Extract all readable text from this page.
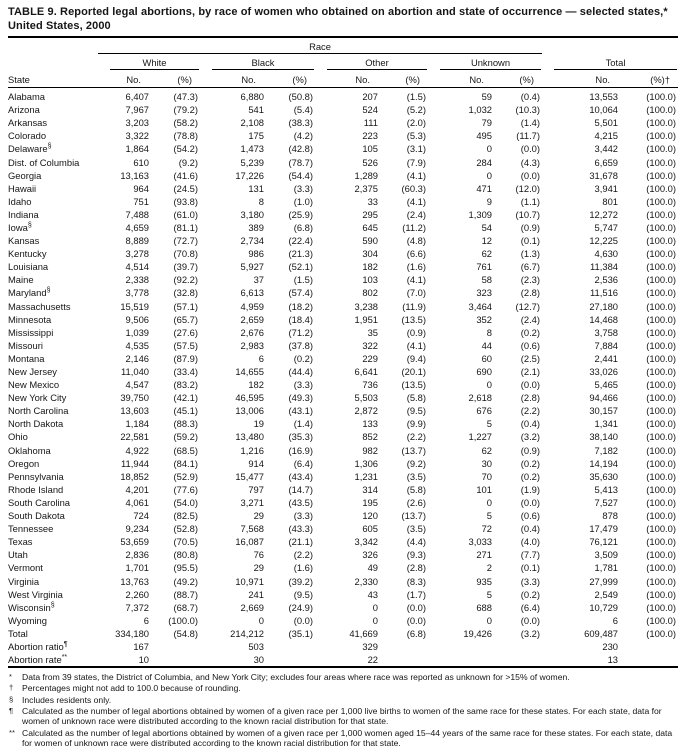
TABLE 9. Reported legal abortions, by race of women who obtained on abortion and state of occurrence — selected states,* United States, 2000
	Race									

	White		Black		Other		Unknown		Total	

State	No.	(%)	No.	(%)	No.	(%)	No.	(%)	No.	(%)†
Alabama	6,407	(47.3)	6,880	(50.8)	207	(1.5)	59	(0.4)	13,553	(100.0)
Arizona	7,967	(79.2)	541	(5.4)	524	(5.2)	1,032	(10.3)	10,064	(100.0)
Arkansas	3,203	(58.2)	2,108	(38.3)	111	(2.0)	79	(1.4)	5,501	(100.0)
Colorado	3,322	(78.8)	175	(4.2)	223	(5.3)	495	(11.7)	4,215	(100.0)
Delaware§	1,864	(54.2)	1,473	(42.8)	105	(3.1)	0	(0.0)	3,442	(100.0)
Dist. of Columbia	610	(9.2)	5,239	(78.7)	526	(7.9)	284	(4.3)	6,659	(100.0)
Georgia	13,163	(41.6)	17,226	(54.4)	1,289	(4.1)	0	(0.0)	31,678	(100.0)
Hawaii	964	(24.5)	131	(3.3)	2,375	(60.3)	471	(12.0)	3,941	(100.0)
Idaho	751	(93.8)	8	(1.0)	33	(4.1)	9	(1.1)	801	(100.0)
Indiana	7,488	(61.0)	3,180	(25.9)	295	(2.4)	1,309	(10.7)	12,272	(100.0)
Iowa§	4,659	(81.1)	389	(6.8)	645	(11.2)	54	(0.9)	5,747	(100.0)
Kansas	8,889	(72.7)	2,734	(22.4)	590	(4.8)	12	(0.1)	12,225	(100.0)
Kentucky	3,278	(70.8)	986	(21.3)	304	(6.6)	62	(1.3)	4,630	(100.0)
Louisiana	4,514	(39.7)	5,927	(52.1)	182	(1.6)	761	(6.7)	11,384	(100.0)
Maine	2,338	(92.2)	37	(1.5)	103	(4.1)	58	(2.3)	2,536	(100.0)
Maryland§	3,778	(32.8)	6,613	(57.4)	802	(7.0)	323	(2.8)	11,516	(100.0)
Massachusetts	15,519	(57.1)	4,959	(18.2)	3,238	(11.9)	3,464	(12.7)	27,180	(100.0)
Minnesota	9,506	(65.7)	2,659	(18.4)	1,951	(13.5)	352	(2.4)	14,468	(100.0)
Mississippi	1,039	(27.6)	2,676	(71.2)	35	(0.9)	8	(0.2)	3,758	(100.0)
Missouri	4,535	(57.5)	2,983	(37.8)	322	(4.1)	44	(0.6)	7,884	(100.0)
Montana	2,146	(87.9)	6	(0.2)	229	(9.4)	60	(2.5)	2,441	(100.0)
New Jersey	11,040	(33.4)	14,655	(44.4)	6,641	(20.1)	690	(2.1)	33,026	(100.0)
New Mexico	4,547	(83.2)	182	(3.3)	736	(13.5)	0	(0.0)	5,465	(100.0)
New York City	39,750	(42.1)	46,595	(49.3)	5,503	(5.8)	2,618	(2.8)	94,466	(100.0)
North Carolina	13,603	(45.1)	13,006	(43.1)	2,872	(9.5)	676	(2.2)	30,157	(100.0)
North Dakota	1,184	(88.3)	19	(1.4)	133	(9.9)	5	(0.4)	1,341	(100.0)
Ohio	22,581	(59.2)	13,480	(35.3)	852	(2.2)	1,227	(3.2)	38,140	(100.0)
Oklahoma	4,922	(68.5)	1,216	(16.9)	982	(13.7)	62	(0.9)	7,182	(100.0)
Oregon	11,944	(84.1)	914	(6.4)	1,306	(9.2)	30	(0.2)	14,194	(100.0)
Pennsylvania	18,852	(52.9)	15,477	(43.4)	1,231	(3.5)	70	(0.2)	35,630	(100.0)
Rhode Island	4,201	(77.6)	797	(14.7)	314	(5.8)	101	(1.9)	5,413	(100.0)
South Carolina	4,061	(54.0)	3,271	(43.5)	195	(2.6)	0	(0.0)	7,527	(100.0)
South Dakota	724	(82.5)	29	(3.3)	120	(13.7)	5	(0.6)	878	(100.0)
Tennessee	9,234	(52.8)	7,568	(43.3)	605	(3.5)	72	(0.4)	17,479	(100.0)
Texas	53,659	(70.5)	16,087	(21.1)	3,342	(4.4)	3,033	(4.0)	76,121	(100.0)
Utah	2,836	(80.8)	76	(2.2)	326	(9.3)	271	(7.7)	3,509	(100.0)
Vermont	1,701	(95.5)	29	(1.6)	49	(2.8)	2	(0.1)	1,781	(100.0)
Virginia	13,763	(49.2)	10,971	(39.2)	2,330	(8.3)	935	(3.3)	27,999	(100.0)
West Virginia	2,260	(88.7)	241	(9.5)	43	(1.7)	5	(0.2)	2,549	(100.0)
Wisconsin§	7,372	(68.7)	2,669	(24.9)	0	(0.0)	688	(6.4)	10,729	(100.0)
Wyoming	6	(100.0)	0	(0.0)	0	(0.0)	0	(0.0)	6	(100.0)
Total	334,180	(54.8)	214,212	(35.1)	41,669	(6.8)	19,426	(3.2)	609,487	(100.0)
Abortion ratio¶	167		503		329				230	
Abortion rate**	10		30		22				13	
*	Data from 39 states, the District of Columbia, and New York City; excludes four areas where race was reported as unknown for >15% of women.
†	Percentages might not add to 100.0 because of rounding.
§	Includes residents only.
¶	Calculated as the number of legal abortions obtained by women of a given race per 1,000 live births to women of the same race for these states. For each state, data for women of unknown race were distributed according to the known racial distribution for that state.
** Calculated as the number of legal abortions obtained by women of a given race per 1,000 women aged 15–44 years of the same race for these states. For each state, data for women of unknown race were distributed according to the known racial distribution for that state.
